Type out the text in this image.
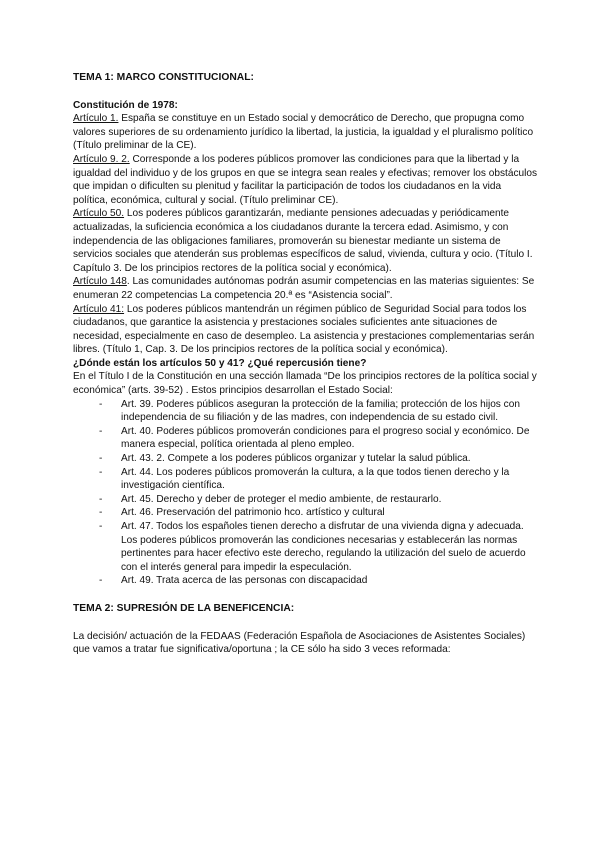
TEMA 1: MARCO CONSTITUCIONAL:
Constitución de 1978:

Artículo 1. España se constituye en un Estado social y democrático de Derecho, que propugna como valores superiores de su ordenamiento jurídico la libertad, la justicia, la igualdad y el pluralismo político (Título preliminar de la CE).

Artículo 9. 2. Corresponde a los poderes públicos promover las condiciones para que la libertad y la igualdad del individuo y de los grupos en que se integra sean reales y efectivas; remover los obstáculos que impidan o dificulten su plenitud y facilitar la participación de todos los ciudadanos en la vida política, económica, cultural y social. (Título preliminar CE).

Artículo 50. Los poderes públicos garantizarán, mediante pensiones adecuadas y periódicamente actualizadas, la suficiencia económica a los ciudadanos durante la tercera edad. Asimismo, y con independencia de las obligaciones familiares, promoverán su bienestar mediante un sistema de servicios sociales que atenderán sus problemas específicos de salud, vivienda, cultura y ocio. (Título I. Capítulo 3. De los principios rectores de la política social y económica).

Artículo 148. Las comunidades autónomas podrán asumir competencias en las materias siguientes: Se enumeran 22 competencias La competencia 20.ª es “Asistencia social”.

Artículo 41: Los poderes públicos mantendrán un régimen público de Seguridad Social para todos los ciudadanos, que garantice la asistencia y prestaciones sociales suficientes ante situaciones de necesidad, especialmente en caso de desempleo. La asistencia y prestaciones complementarias serán libres. (Título 1, Cap. 3. De los principios rectores de la política social y económica).

¿Dónde están los artículos 50 y 41? ¿Qué repercusión tiene?

En el Título I de la Constitución en una sección llamada “De los principios rectores de la política social y económica” (arts. 39-52) . Estos principios desarrollan el Estado Social:

- Art. 39. Poderes públicos aseguran la protección de la familia; protección de los hijos con independencia de su filiación y de las madres, con independencia de su estado civil.
- Art. 40. Poderes públicos promoverán condiciones para el progreso social y económico. De manera especial, política orientada al pleno empleo.
- Art. 43. 2. Compete a los poderes públicos organizar y tutelar la salud pública.
- Art. 44. Los poderes públicos promoverán la cultura, a la que todos tienen derecho y la investigación científica.
- Art. 45. Derecho y deber de proteger el medio ambiente, de restaurarlo.
- Art. 46. Preservación del patrimonio hco. artístico y cultural
- Art. 47. Todos los españoles tienen derecho a disfrutar de una vivienda digna y adecuada. Los poderes públicos promoverán las condiciones necesarias y establecerán las normas pertinentes para hacer efectivo este derecho, regulando la utilización del suelo de acuerdo con el interés general para impedir la especulación.
- Art. 49. Trata acerca de las personas con discapacidad
TEMA 2: SUPRESIÓN DE LA BENEFICENCIA:

La decisión/ actuación de la FEDAAS (Federación Española de Asociaciones de Asistentes Sociales) que vamos a tratar fue significativa/oportuna ; la CE sólo ha sido 3 veces reformada:
